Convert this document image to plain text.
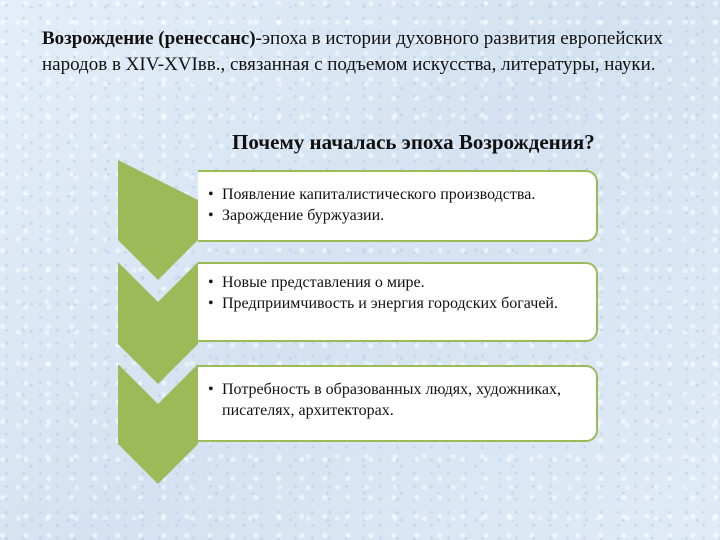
Возрождение (ренессанс)-эпоха в истории духовного развития европейских народов в XIV-XVIвв., связанная с подъемом искусства, литературы, науки.
Почему началась эпоха Возрождения?
• Появление капиталистического производства.
• Зарождение буржуазии.
• Новые представления о мире.
• Предприимчивость и энергия городских богачей.
• Потребность в образованных людях, художниках, писателях, архитекторах.
